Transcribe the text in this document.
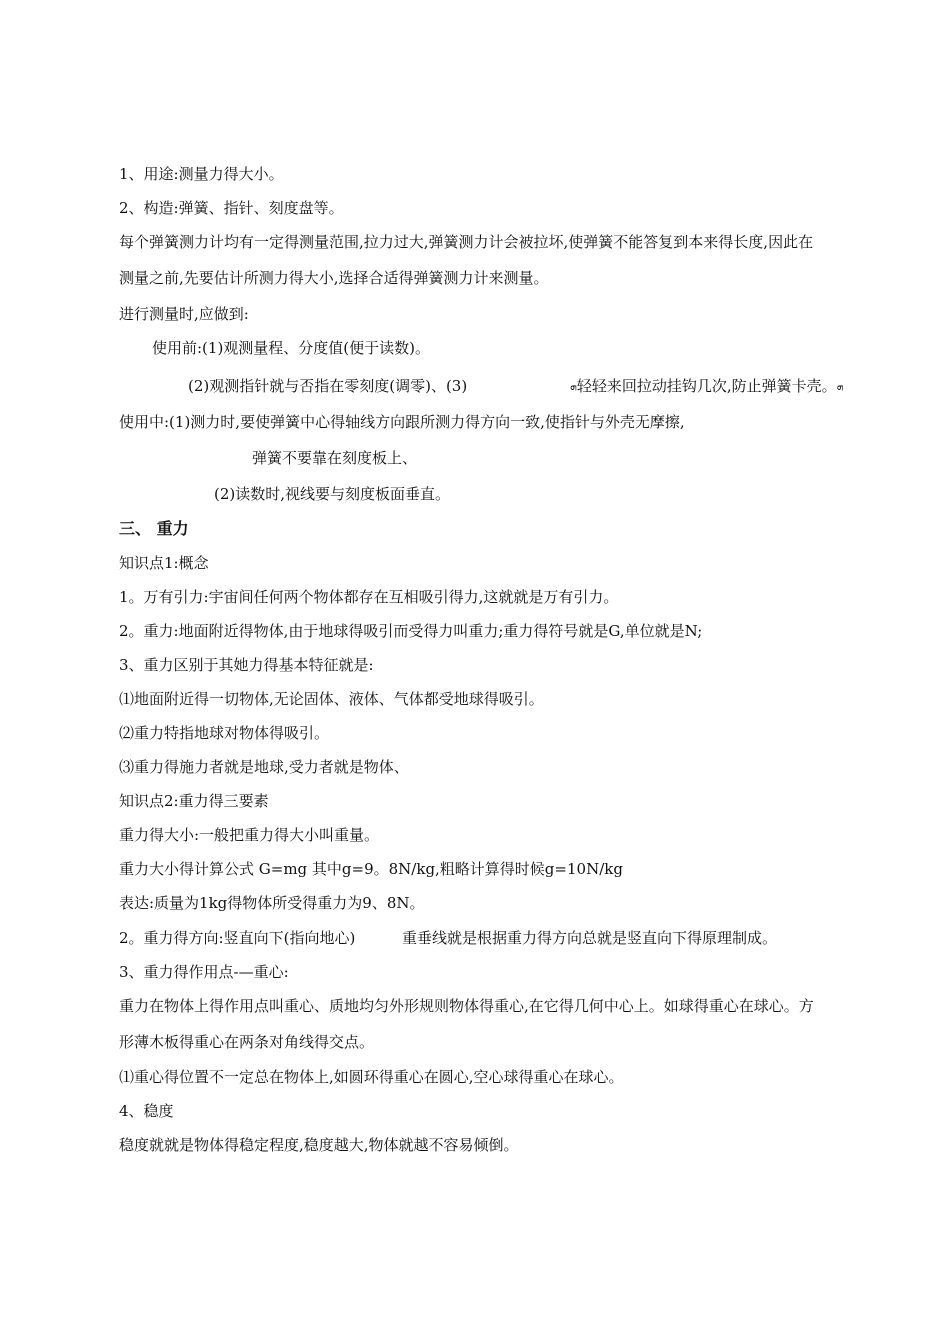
1、用途:测量力得大小。
2、构造:弹簧、指针、刻度盘等。
每个弹簧测力计均有一定得测量范围,拉力过大,弹簧测力计会被拉坏,使弹簧不能答复到本来得长度,因此在
测量之前,先要估计所测力得大小,选择合适得弹簧测力计来测量。
进行测量时,应做到:
使用前:(1)观测量程、分度值(便于读数)。
(2)观测指针就与否指在零刻度(调零)、(3)	ܗ轻轻来回拉动挂钩几次,防止弹簧卡壳。ܗ
使用中:(1)测力时,要使弹簧中心得轴线方向跟所测力得方向一致,使指针与外壳无摩擦,
弹簧不要靠在刻度板上、
(2)读数时,视线要与刻度板面垂直。
三、 重力
知识点1:概念
1。万有引力:宇宙间任何两个物体都存在互相吸引得力,这就就是万有引力。
2。重力:地面附近得物体,由于地球得吸引而受得力叫重力;重力得符号就是G,单位就是N;
3、重力区别于其她力得基本特征就是:
⑴地面附近得一切物体,无论固体、液体、气体都受地球得吸引。
⑵重力特指地球对物体得吸引。
⑶重力得施力者就是地球,受力者就是物体、
知识点2:重力得三要素
重力得大小:一般把重力得大小叫重量。
重力大小得计算公式 G=mg 其中g=9。8N/kg,粗略计算得时候g=10N/kg
表达:质量为1kg得物体所受得重力为9、8N。
2。重力得方向:竖直向下(指向地心)	重垂线就是根据重力得方向总就是竖直向下得原理制成。
3、重力得作用点-—重心:
重力在物体上得作用点叫重心、质地均匀外形规则物体得重心,在它得几何中心上。如球得重心在球心。方
形薄木板得重心在两条对角线得交点。
⑴重心得位置不一定总在物体上,如圆环得重心在圆心,空心球得重心在球心。
4、稳度
稳度就就是物体得稳定程度,稳度越大,物体就越不容易倾倒。
